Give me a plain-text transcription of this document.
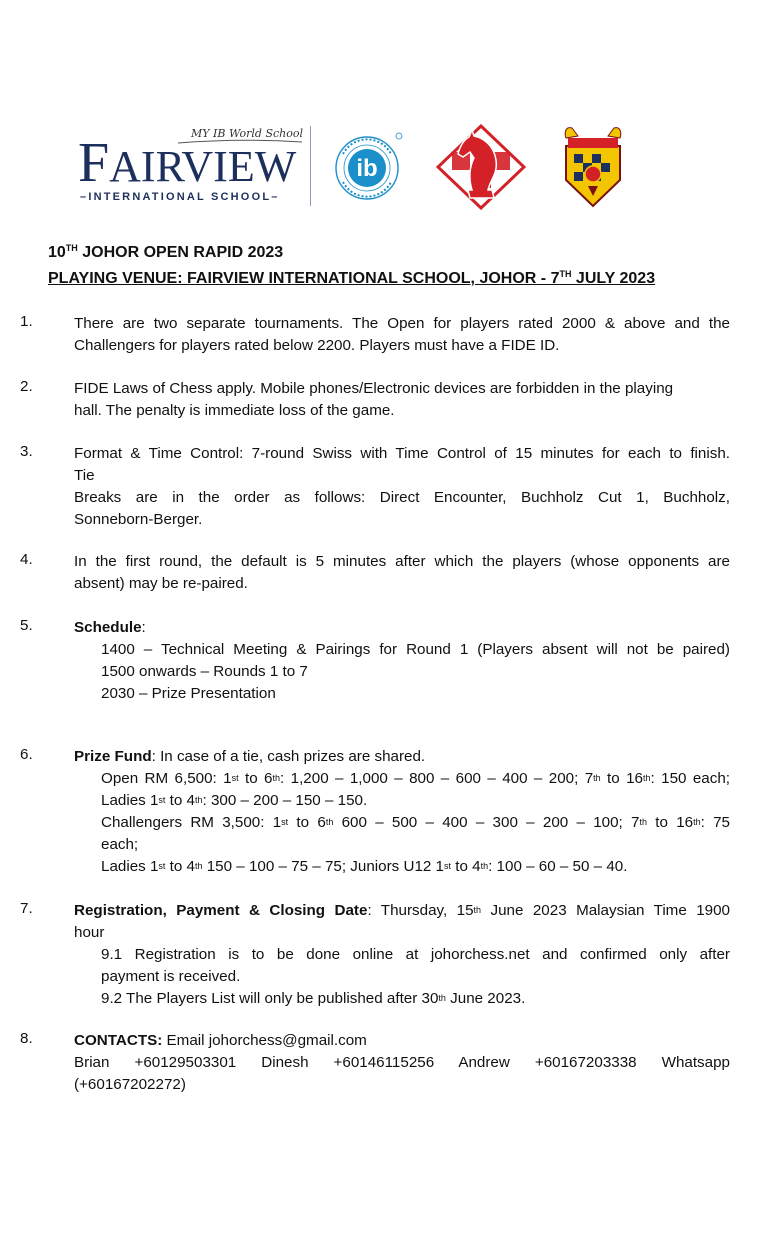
MY IB World School
FAIRVIEW
–INTERNATIONAL SCHOOL–
ib
10TH JOHOR OPEN RAPID 2023
PLAYING VENUE: FAIRVIEW INTERNATIONAL SCHOOL, JOHOR - 7TH JULY 2023
1.	There are two separate tournaments. The Open for players rated 2000 & above and the
Challengers for players rated below 2200. Players must have a FIDE ID.
2.	FIDE Laws of Chess apply. Mobile phones/Electronic devices are forbidden in the playing
hall. The penalty is immediate loss of the game.
3.	Format & Time Control: 7-round Swiss with Time Control of 15 minutes for each to finish.
Tie
Breaks are in the order as follows: Direct Encounter, Buchholz Cut 1, Buchholz,
Sonneborn-Berger.
4.	In the first round, the default is 5 minutes after which the players (whose opponents are
absent) may be re-paired.
5.	Schedule:
1400 – Technical Meeting & Pairings for Round 1 (Players absent will not be paired)
1500 onwards – Rounds 1 to 7
2030 – Prize Presentation
6.	Prize Fund: In case of a tie, cash prizes are shared.
Open RM 6,500: 1st to 6th: 1,200 – 1,000 – 800 – 600 – 400 – 200; 7th to 16th: 150 each;
Ladies 1st to 4th: 300 – 200 – 150 – 150.
Challengers RM 3,500: 1st to 6th 600 – 500 – 400 – 300 – 200 – 100; 7th to 16th: 75
each;
Ladies 1st to 4th 150 – 100 – 75 – 75; Juniors U12 1st to 4th: 100 – 60 – 50 – 40.
7.	Registration, Payment & Closing Date: Thursday, 15th June 2023 Malaysian Time 1900
hour
9.1 Registration is to be done online at johorchess.net and confirmed only after
payment is received.
9.2 The Players List will only be published after 30th June 2023.
8.	CONTACTS: Email johorchess@gmail.com
Brian +60129503301 Dinesh +60146115256 Andrew +60167203338 Whatsapp
(+60167202272)
